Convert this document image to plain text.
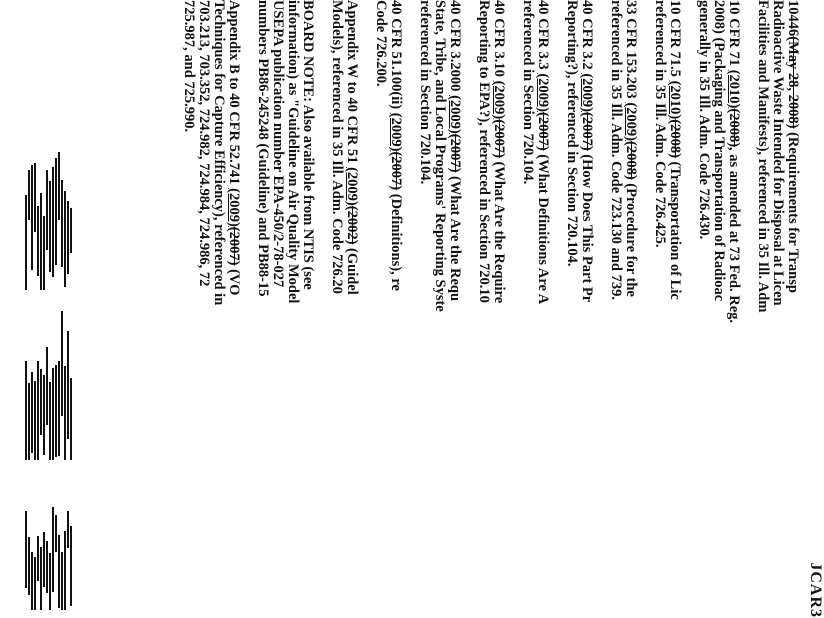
JCAR3

10446(May 28, 2008) (Requirements for Transp
Radioactive Waste Intended for Disposal at Licen
Facilities and Manifests), referenced in 35 Ill. Adm

10 CFR 71 (2010)(2008), as amended at 73 Fed. Reg.
2008) (Packaging and Transportation of Radioac
generally in 35 Ill. Adm. Code 726.430.

10 CFR 71.5 (2010)(2008) (Transportation of Lic
referenced in 35 Ill. Adm. Code 726.425.

33 CFR 153.203 (2009)(2008) (Procedure for the
referenced in 35 Ill. Adm. Code 723.130 and 739.

40 CFR 3.2 (2009)(2007) (How Does This Part Pr
Reporting?), referenced in Section 720.104.

40 CFR 3.3 (2009)(2007) (What Definitions Are A
referenced in Section 720.104.

40 CFR 3.10 (2009)(2007) (What Are the Require
Reporting to EPA?), referenced in Section 720.10

40 CFR 3.2000 (2009)(2007) (What Are the Requ
State, Tribe, and Local Programs' Reporting Syste
referenced in Section 720.104.

40 CFR 51.100(ii) (2009)(2007) (Definitions), re
Code 726.200.

Appendix W to 40 CFR 51 (2009)(2002) (Guidel
Models), referenced in 35 Ill. Adm. Code 726.20

BOARD NOTE: Also available from NTIS (see
information) as "Guideline on Air Quality Model
USEPA publication number EPA-450/2-78-027
numbers PB86-245248 (Guideline) and PB88-15

Appendix B to 40 CFR 52.741 (2009)(2007) (VO
Techniques for Capture Efficiency), referenced in
703.213, 703.352, 724.982, 724.984, 724.986, 72
725.987, and 725.990.
